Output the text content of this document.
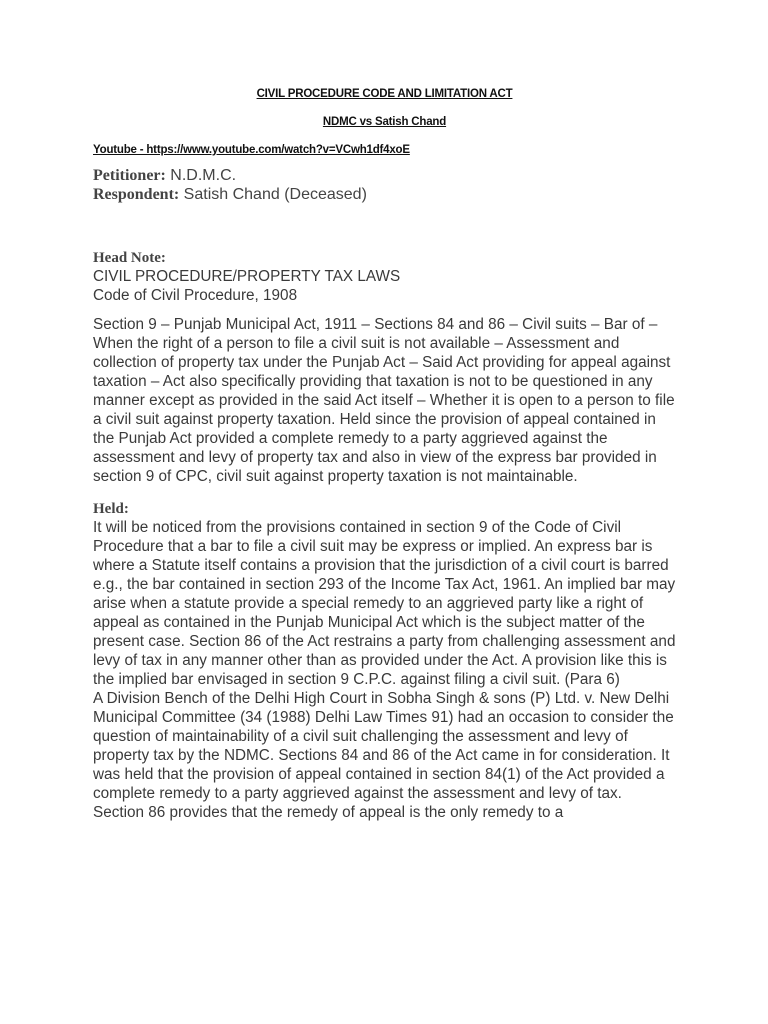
CIVIL PROCEDURE CODE AND LIMITATION ACT
NDMC vs Satish Chand
Youtube - https://www.youtube.com/watch?v=VCwh1df4xoE
Petitioner: N.D.M.C.
Respondent: Satish Chand (Deceased)
Head Note:
CIVIL PROCEDURE/PROPERTY TAX LAWS
Code of Civil Procedure, 1908

Section 9 – Punjab Municipal Act, 1911 – Sections 84 and 86 – Civil suits – Bar of – When the right of a person to file a civil suit is not available – Assessment and collection of property tax under the Punjab Act – Said Act providing for appeal against taxation – Act also specifically providing that taxation is not to be questioned in any manner except as provided in the said Act itself – Whether it is open to a person to file a civil suit against property taxation. Held since the provision of appeal contained in the Punjab Act provided a complete remedy to a party aggrieved against the assessment and levy of property tax and also in view of the express bar provided in section 9 of CPC, civil suit against property taxation is not maintainable.

Held:

It will be noticed from the provisions contained in section 9 of the Code of Civil Procedure that a bar to file a civil suit may be express or implied. An express bar is where a Statute itself contains a provision that the jurisdiction of a civil court is barred e.g., the bar contained in section 293 of the Income Tax Act, 1961. An implied bar may arise when a statute provide a special remedy to an aggrieved party like a right of appeal as contained in the Punjab Municipal Act which is the subject matter of the present case. Section 86 of the Act restrains a party from challenging assessment and levy of tax in any manner other than as provided under the Act. A provision like this is the implied bar envisaged in section 9 C.P.C. against filing a civil suit. (Para 6)

A Division Bench of the Delhi High Court in Sobha Singh & sons (P) Ltd. v. New Delhi Municipal Committee (34 (1988) Delhi Law Times 91) had an occasion to consider the question of maintainability of a civil suit challenging the assessment and levy of property tax by the NDMC. Sections 84 and 86 of the Act came in for consideration. It was held that the provision of appeal contained in section 84(1) of the Act provided a complete remedy to a party aggrieved against the assessment and levy of tax. Section 86 provides that the remedy of appeal is the only remedy to a
